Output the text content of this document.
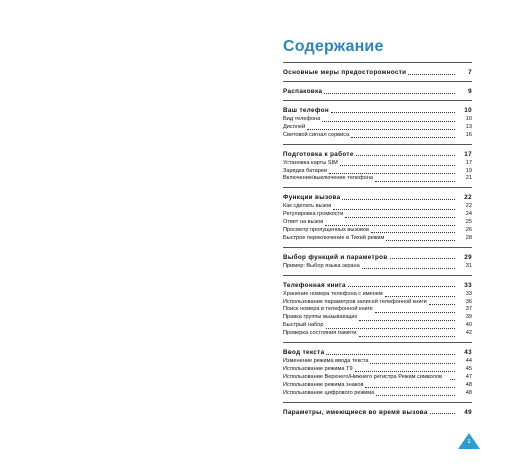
Содержание
Основные меры предосторожности	7
Распаковка	9
Ваш телефон	10
Вид телефона	10
Дисплей	13
Световой сигнал сервиса	16
Подготовка к работе	17
Установка карты SIM	17
Зарядка батареи	19
Включение/выключение телефона	21
Функции вызова	22
Как сделать вызов	22
Регулировка громкости	24
Ответ на вызов	25
Просмотр пропущенных вызовов	26
Быстрое переключение в Тихий режим	28
Выбор функций и параметров	29
Пример: Выбор языка экрана	31
Телефонная книга	33
Хранение номера телефона с именем	33
Использование параметров записей телефонной книги	36
Поиск номера в телефонной книге	37
Правка группы вызывающих	39
Быстрый набор	40
Проверка состояния памяти	42
Ввод текста	43
Изменение режима ввода текста	44
Использование режима T9	45
Использование Верхнего/Нижнего регистра Режим символов	47
Использование режима знаков	48
Использование цифрового режима	48
Параметры, имеющиеся во время вызова	49
1
